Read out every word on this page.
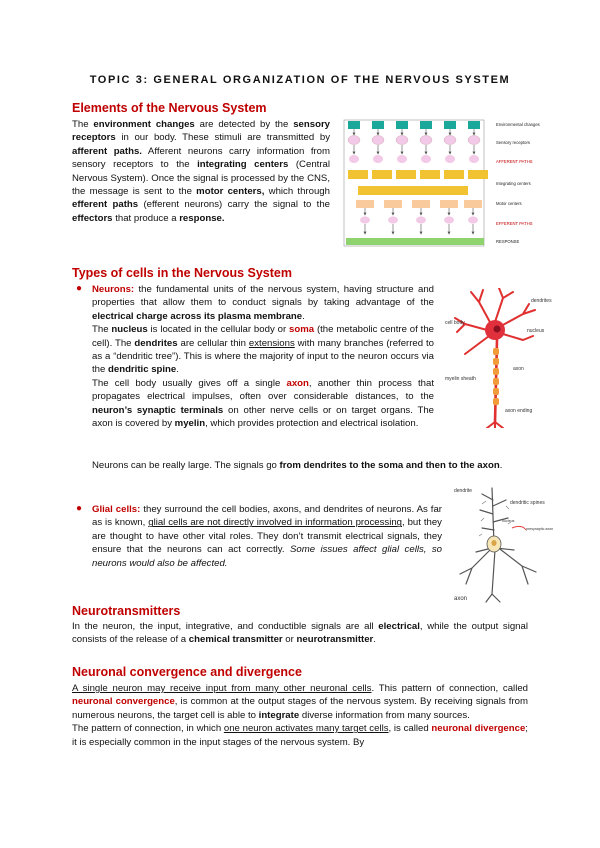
TOPIC 3: GENERAL ORGANIZATION OF THE NERVOUS SYSTEM
Elements of the Nervous System
The environment changes are detected by the sensory receptors in our body. These stimuli are transmitted by afferent paths. Afferent neurons carry information from sensory receptors to the integrating centers (Central Nervous System). Once the signal is processed by the CNS, the message is sent to the motor centers, which through efferent paths (efferent neurons) carry the signal to the effectors that produce a response.
Environmental changes
Sensory receptors
AFFERENT PATHS
Integrating centers
Motor centers
EFFERENT PATHS
RESPONSE
Types of cells in the Nervous System
● Neurons: the fundamental units of the nervous system, having structure and properties that allow them to conduct signals by taking advantage of the electrical charge across its plasma membrane.
The nucleus is located in the cellular body or soma (the metabolic centre of the cell). The dendrites are cellular thin extensions with many branches (referred to as a “dendritic tree”). This is where the majority of input to the neuron occurs via the dendritic spine.
The cell body usually gives off a single axon, another thin process that propagates electrical impulses, often over considerable distances, to the neuron’s synaptic terminals on other nerve cells or on target organs. The axon is covered by myelin, which provides protection and electrical isolation.
Neurons can be really large. The signals go from dendrites to the soma and then to the axon.
dendrites
cell body
nucleus
myelin sheath
axon
axon ending
● Glial cells: they surround the cell bodies, axons, and dendrites of neurons. As far as is known, glial cells are not directly involved in information processing, but they are thought to have other vital roles. They don’t transmit electrical signals, they ensure that the neurons can act correctly. Some issues affect glial cells, so neurons would also be affected.
dendrite
dendritic spines
nucleus
presynaptic axon
axon
Neurotransmitters
In the neuron, the input, integrative, and conductible signals are all electrical, while the output signal consists of the release of a chemical transmitter or neurotransmitter.
Neuronal convergence and divergence
A single neuron may receive input from many other neuronal cells. This pattern of connection, called neuronal convergence, is common at the output stages of the nervous system. By receiving signals from numerous neurons, the target cell is able to integrate diverse information from many sources.
The pattern of connection, in which one neuron activates many target cells, is called neuronal divergence; it is especially common in the input stages of the nervous system. By
